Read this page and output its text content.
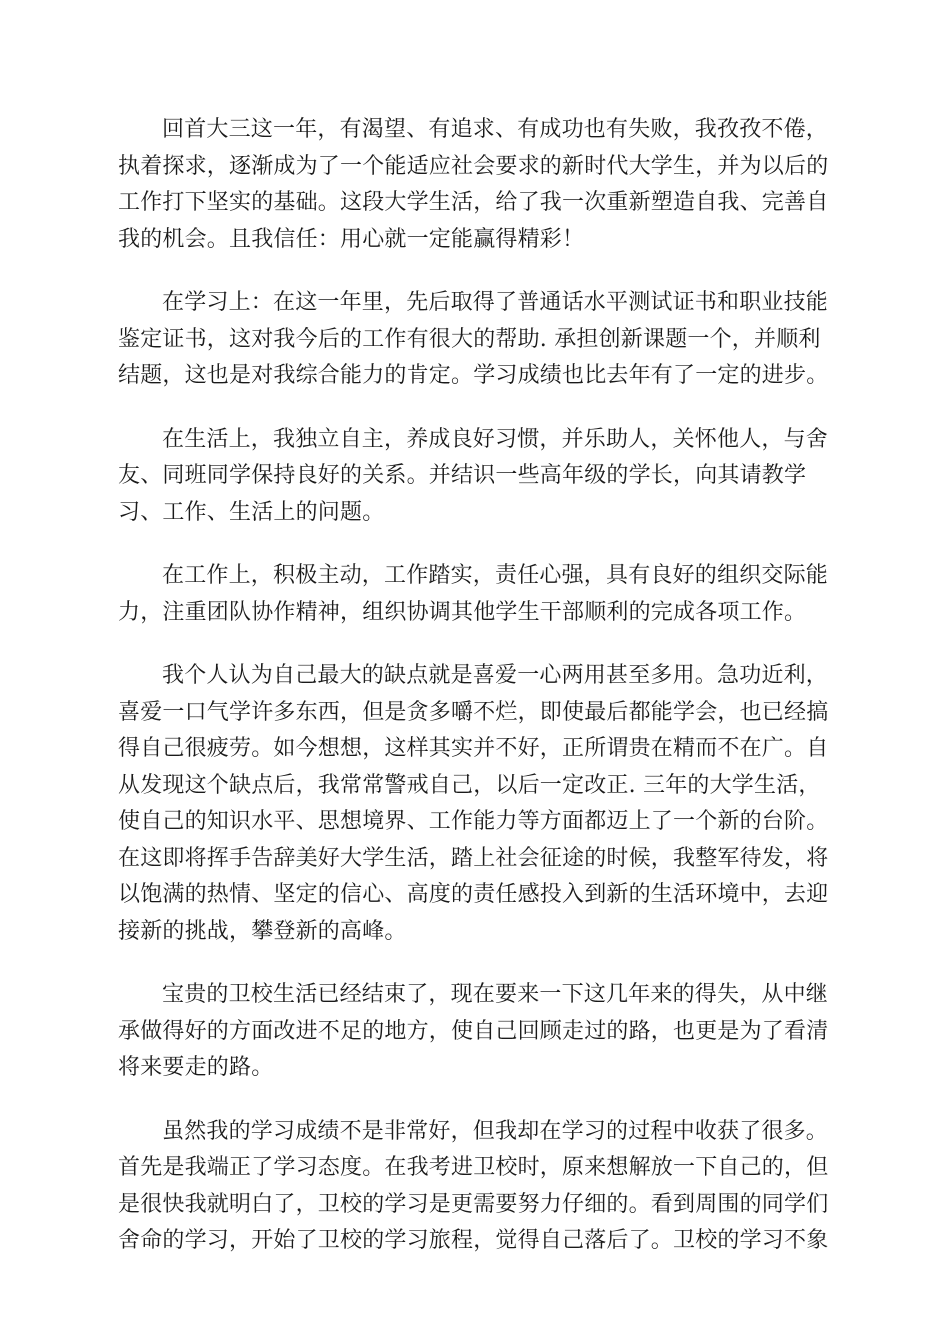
回首大三这一年，有渴望、有追求、有成功也有失败，我孜孜不倦，
执着探求，逐渐成为了一个能适应社会要求的新时代大学生，并为以后的
工作打下坚实的基础。这段大学生活，给了我一次重新塑造自我、完善自
我的机会。且我信任：用心就一定能赢得精彩！

在学习上：在这一年里，先后取得了普通话水平测试证书和职业技能
鉴定证书，这对我今后的工作有很大的帮助. 承担创新课题一个，并顺利
结题，这也是对我综合能力的肯定。学习成绩也比去年有了一定的进步。

在生活上，我独立自主，养成良好习惯，并乐助人，关怀他人，与舍
友、同班同学保持良好的关系。并结识一些高年级的学长，向其请教学
习、工作、生活上的问题。

在工作上，积极主动，工作踏实，责任心强，具有良好的组织交际能
力，注重团队协作精神，组织协调其他学生干部顺利的完成各项工作。

我个人认为自己最大的缺点就是喜爱一心两用甚至多用。急功近利，
喜爱一口气学许多东西，但是贪多嚼不烂，即使最后都能学会，也已经搞
得自己很疲劳。如今想想，这样其实并不好，正所谓贵在精而不在广。自
从发现这个缺点后，我常常警戒自己，以后一定改正. 三年的大学生活，
使自己的知识水平、思想境界、工作能力等方面都迈上了一个新的台阶。
在这即将挥手告辞美好大学生活，踏上社会征途的时候，我整军待发，将
以饱满的热情、坚定的信心、高度的责任感投入到新的生活环境中，去迎
接新的挑战，攀登新的高峰。

宝贵的卫校生活已经结束了，现在要来一下这几年来的得失，从中继
承做得好的方面改进不足的地方，使自己回顾走过的路，也更是为了看清
将来要走的路。

虽然我的学习成绩不是非常好，但我却在学习的过程中收获了很多。
首先是我端正了学习态度。在我考进卫校时，原来想解放一下自己的，但
是很快我就明白了，卫校的学习是更需要努力仔细的。看到周围的同学们
舍命的学习，开始了卫校的学习旅程，觉得自己落后了。卫校的学习不象
